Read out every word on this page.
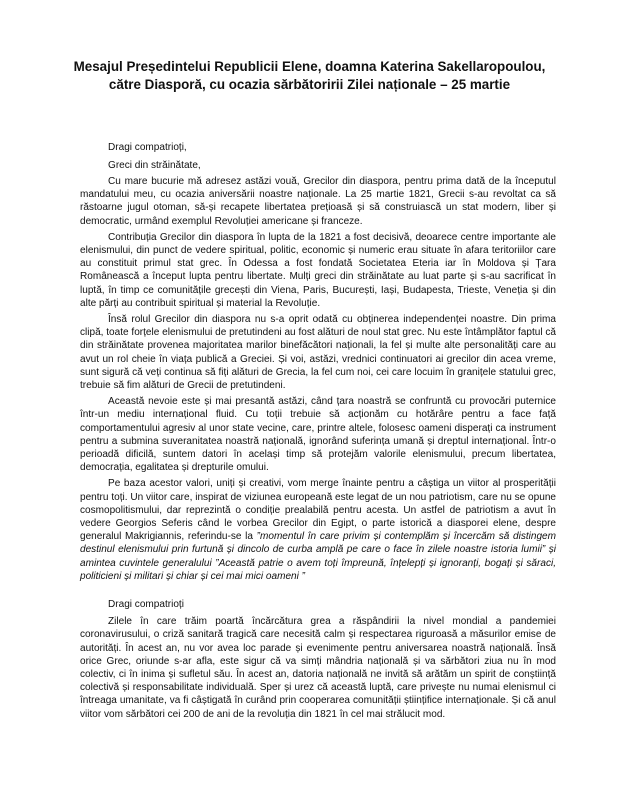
Mesajul Președintelui Republicii Elene, doamna Katerina Sakellaropoulou,
către Diasporă, cu ocazia sărbătoririi Zilei naționale – 25 martie

Dragi compatrioți,

Greci din străinătate,

Cu mare bucurie mă adresez astăzi vouă, Grecilor din diaspora, pentru prima dată de la începutul mandatului meu, cu ocazia aniversării noastre naționale. La 25 martie 1821, Grecii s-au revoltat ca să răstoarne jugul otoman, să-și recapete libertatea prețioasă și să construiască un stat modern, liber și democratic, urmând exemplul Revoluției americane și franceze.

Contribuția Grecilor din diaspora în lupta de la 1821 a fost decisivă, deoarece centre importante ale elenismului, din punct de vedere spiritual, politic, economic și numeric erau situate în afara teritoriilor care au constituit primul stat grec. În Odessa a fost fondată Societatea Eteria iar în Moldova și Țara Românească a început lupta pentru libertate. Mulți greci din străinătate au luat parte și s-au sacrificat în luptă, în timp ce comunitățile grecești din Viena, Paris, București, Iași, Budapesta, Trieste, Veneția și din alte părți au contribuit spiritual și material la Revoluție.

Însă rolul Grecilor din diaspora nu s-a oprit odată cu obținerea independenței noastre. Din prima clipă, toate forțele elenismului de pretutindeni au fost alături de noul stat grec. Nu este întâmplător faptul că din străinătate provenea majoritatea marilor binefăcători naționali, la fel și multe alte personalități care au avut un rol cheie în viața publică a Greciei. Și voi, astăzi, vrednici continuatori ai grecilor din acea vreme, sunt sigură că veți continua să fiți alături de Grecia, la fel cum noi, cei care locuim în granițele statului grec, trebuie să fim alături de Grecii de pretutindeni.

Această nevoie este și mai presantă astăzi, când țara noastră se confruntă cu provocări puternice într-un mediu internațional fluid. Cu toții trebuie să acționăm cu hotărâre pentru a face față comportamentului agresiv al unor state vecine, care, printre altele, folosesc oameni disperați ca instrument pentru a submina suveranitatea noastră națională, ignorând suferința umană și dreptul internațional. Într-o perioadă dificilă, suntem datori în același timp să protejăm valorile elenismului, precum libertatea, democrația, egalitatea și drepturile omului.

Pe baza acestor valori, uniți și creativi, vom merge înainte pentru a câștiga un viitor al prosperității pentru toți. Un viitor care, inspirat de viziunea europeană este legat de un nou patriotism, care nu se opune cosmopolitismului, dar reprezintă o condiție prealabilă pentru acesta. Un astfel de patriotism a avut în vedere Georgios Seferis când le vorbea Grecilor din Egipt, o parte istorică a diasporei elene, despre generalul Makrigiannis, referindu-se la ”momentul în care privim și contemplăm și încercăm să distingem destinul elenismului prin furtună și dincolo de curba amplă pe care o face în zilele noastre istoria lumii” și amintea cuvintele generalului ”Această patrie o avem toți împreună, înțelepți și ignoranți, bogați și săraci, politicieni și militari și chiar și cei mai mici oameni ”

Dragi compatrioți

Zilele în care trăim poartă încărcătura grea a răspândirii la nivel mondial a pandemiei coronavirusului, o criză sanitară tragică care necesită calm și respectarea riguroasă a măsurilor emise de autorități. În acest an, nu vor avea loc parade și evenimente pentru aniversarea noastră națională. Însă orice Grec, oriunde s-ar afla, este sigur că va simți mândria națională și va sărbători ziua nu în mod colectiv, ci în inima și sufletul său. În acest an, datoria națională ne invită să arătăm un spirit de conștiință colectivă și responsabilitate individuală. Sper și urez că această luptă, care privește nu numai elenismul ci întreaga umanitate, va fi câștigată în curând prin cooperarea comunității științifice internaționale. Și că anul viitor vom sărbători cei 200 de ani de la revoluția din 1821 în cel mai strălucit mod.
